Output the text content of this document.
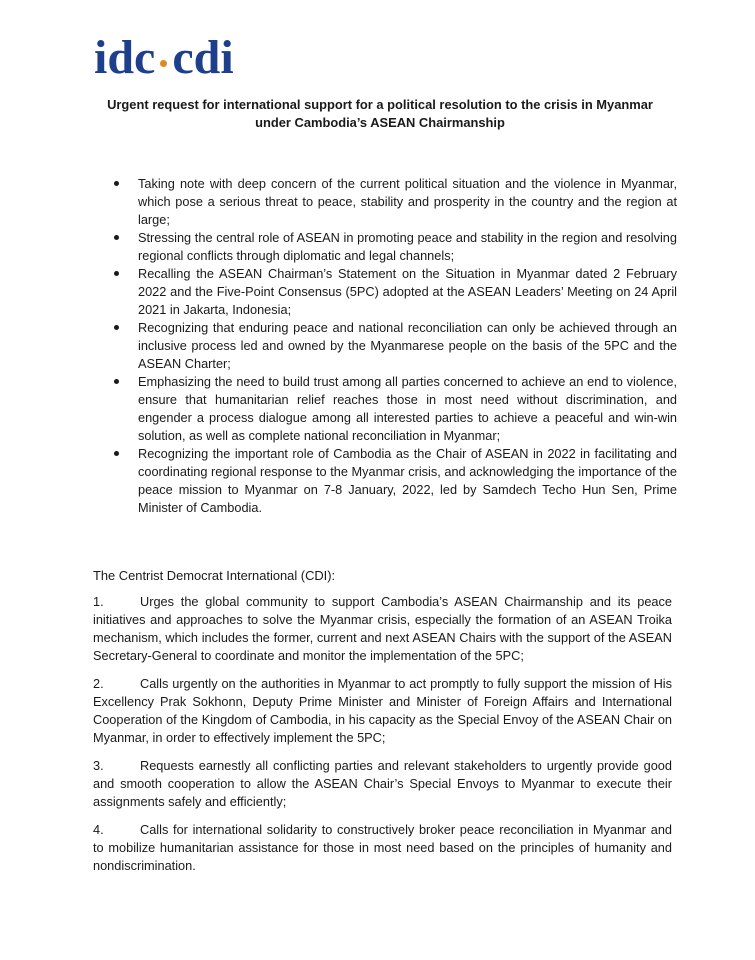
idc cdi
Urgent request for international support for a political resolution to the crisis in Myanmar
under Cambodia’s ASEAN Chairmanship
Taking note with deep concern of the current political situation and the violence in Myanmar, which pose a serious threat to peace, stability and prosperity in the country and the region at large;
Stressing the central role of ASEAN in promoting peace and stability in the region and resolving regional conflicts through diplomatic and legal channels;
Recalling the ASEAN Chairman’s Statement on the Situation in Myanmar dated 2 February 2022 and the Five-Point Consensus (5PC) adopted at the ASEAN Leaders’ Meeting on 24 April 2021 in Jakarta, Indonesia;
Recognizing that enduring peace and national reconciliation can only be achieved through an inclusive process led and owned by the Myanmarese people on the basis of the 5PC and the ASEAN Charter;
Emphasizing the need to build trust among all parties concerned to achieve an end to violence, ensure that humanitarian relief reaches those in most need without discrimination, and engender a process dialogue among all interested parties to achieve a peaceful and win-win solution, as well as complete national reconciliation in Myanmar;
Recognizing the important role of Cambodia as the Chair of ASEAN in 2022 in facilitating and coordinating regional response to the Myanmar crisis, and acknowledging the importance of the peace mission to Myanmar on 7-8 January, 2022, led by Samdech Techo Hun Sen, Prime Minister of Cambodia.
The Centrist Democrat International (CDI):
1.	Urges the global community to support Cambodia’s ASEAN Chairmanship and its peace initiatives and approaches to solve the Myanmar crisis, especially the formation of an ASEAN Troika mechanism, which includes the former, current and next ASEAN Chairs with the support of the ASEAN Secretary-General to coordinate and monitor the implementation of the 5PC;
2.	Calls urgently on the authorities in Myanmar to act promptly to fully support the mission of His Excellency Prak Sokhonn, Deputy Prime Minister and Minister of Foreign Affairs and International Cooperation of the Kingdom of Cambodia, in his capacity as the Special Envoy of the ASEAN Chair on Myanmar, in order to effectively implement the 5PC;
3.	Requests earnestly all conflicting parties and relevant stakeholders to urgently provide good and smooth cooperation to allow the ASEAN Chair’s Special Envoys to Myanmar to execute their assignments safely and efficiently;
4.	Calls for international solidarity to constructively broker peace reconciliation in Myanmar and to mobilize humanitarian assistance for those in most need based on the principles of humanity and nondiscrimination.
